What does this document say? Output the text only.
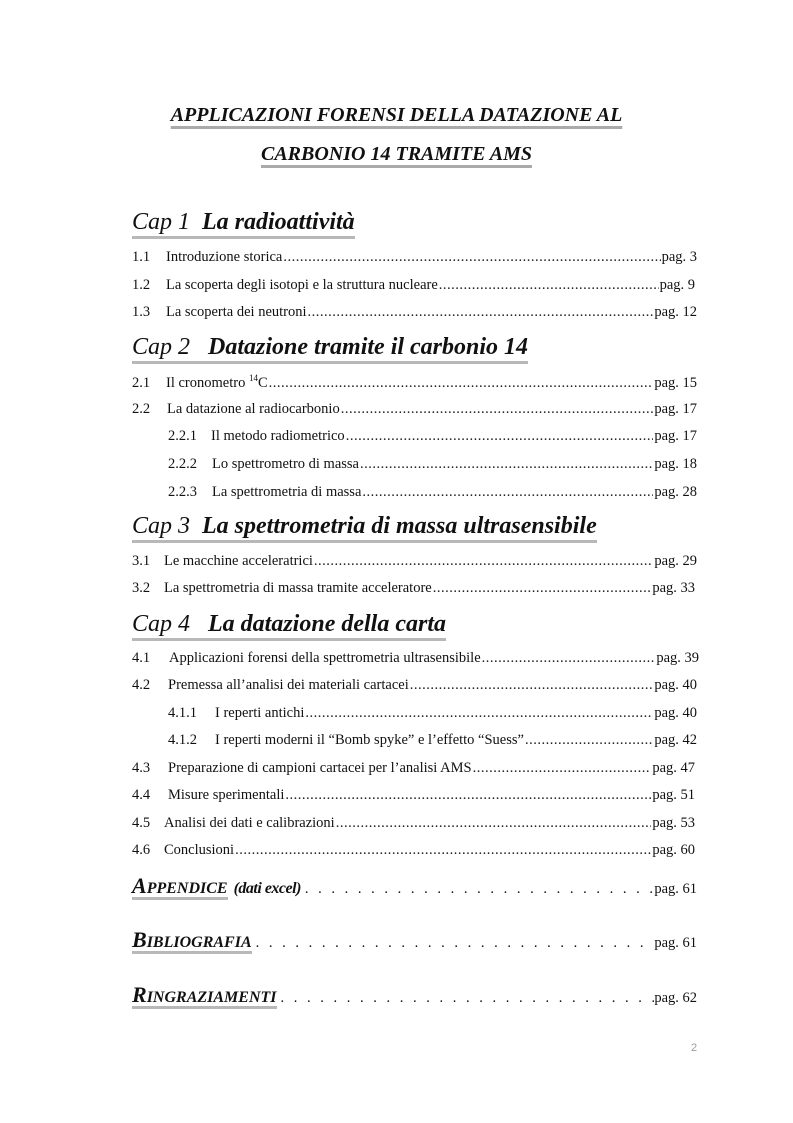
APPLICAZIONI FORENSI DELLA DATAZIONE AL
CARBONIO 14 TRAMITE AMS
Cap 1 La radioattività
1.1	Introduzione storica .....	pag. 3
1.2	La scoperta degli isotopi e la struttura nucleare .....	pag. 9
1.3	La scoperta dei neutroni .....	pag. 12
Cap 2 Datazione tramite il carbonio 14
2.1	Il cronometro $^{14}$C .....	pag. 15
2.2	La datazione al radiocarbonio .....	pag. 17
2.2.1 Il metodo radiometrico .....	pag. 17
2.2.2	Lo spettrometro di massa .....	pag. 18
2.2.3	La spettrometria di massa .....	pag. 28
Cap 3 La spettrometria di massa ultrasensibile
3.1 Le macchine acceleratrici .....	pag. 29
3.2 La spettrometria di massa tramite acceleratore .....	pag. 33
Cap 4 La datazione della carta
4.1	Applicazioni forensi della spettrometria ultrasensibile .....	pag. 39
4.2	Premessa all’analisi dei materiali cartacei .....	pag. 40
4.1.1	I reperti antichi .....	pag. 40
4.1.2	I reperti moderni il “Bomb spyke” e l’effetto “Suess” .....	pag. 42
4.3	Preparazione di campioni cartacei per l’analisi AMS .....	pag. 47
4.4	Misure sperimentali .....	pag. 51
4.5 Analisi dei dati e calibrazioni .....	pag. 53
4.6 Conclusioni .....	pag. 60
APPENDICE (dati excel) . . .	pag. 61
BIBLIOGRAFIA . . .	pag. 61
RINGRAZIAMENTI . . .	pag. 62
2
